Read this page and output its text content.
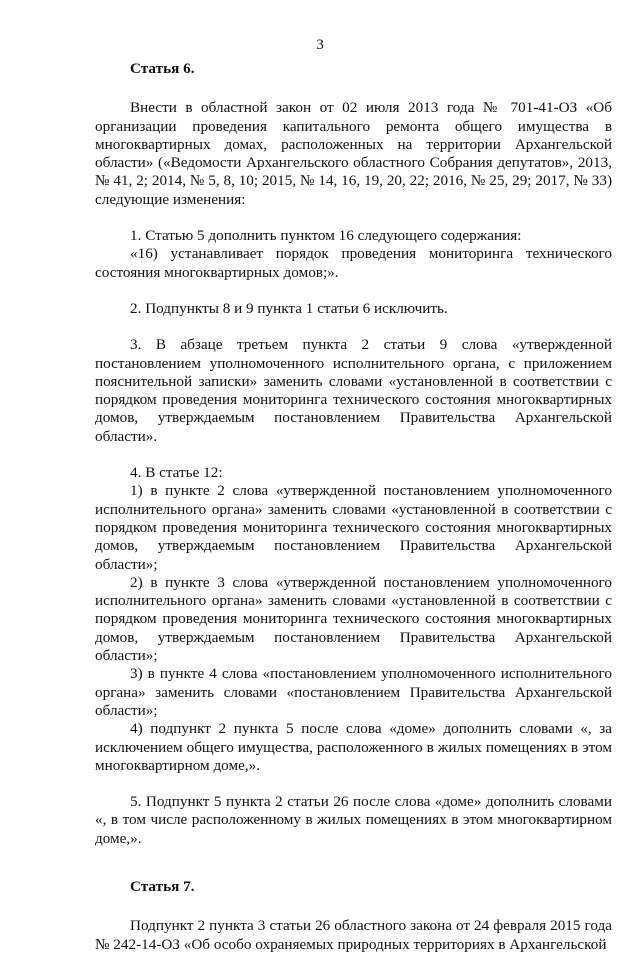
3
Статья 6.

Внести в областной закон от 02 июля 2013 года № 701-41-ОЗ «Об организации проведения капитального ремонта общего имущества в многоквартирных домах, расположенных на территории Архангельской области» («Ведомости Архангельского областного Собрания депутатов», 2013, № 41, 2; 2014, № 5, 8, 10; 2015, № 14, 16, 19, 20, 22; 2016, № 25, 29; 2017, № 33) следующие изменения:

1. Статью 5 дополнить пунктом 16 следующего содержания:

«16) устанавливает порядок проведения мониторинга технического состояния многоквартирных домов;».

2. Подпункты 8 и 9 пункта 1 статьи 6 исключить.

3. В абзаце третьем пункта 2 статьи 9 слова «утвержденной постановлением уполномоченного исполнительного органа, с приложением пояснительной записки» заменить словами «установленной в соответствии с порядком проведения мониторинга технического состояния многоквартирных домов, утверждаемым постановлением Правительства Архангельской области».

4. В статье 12:

1) в пункте 2 слова «утвержденной постановлением уполномоченного исполнительного органа» заменить словами «установленной в соответствии с порядком проведения мониторинга технического состояния многоквартирных домов, утверждаемым постановлением Правительства Архангельской области»;

2) в пункте 3 слова «утвержденной постановлением уполномоченного исполнительного органа» заменить словами «установленной в соответствии с порядком проведения мониторинга технического состояния многоквартирных домов, утверждаемым постановлением Правительства Архангельской области»;

3) в пункте 4 слова «постановлением уполномоченного исполнительного органа» заменить словами «постановлением Правительства Архангельской области»;

4) подпункт 2 пункта 5 после слова «доме» дополнить словами «, за исключением общего имущества, расположенного в жилых помещениях в этом многоквартирном доме,».

5. Подпункт 5 пункта 2 статьи 26 после слова «доме» дополнить словами «, в том числе расположенному в жилых помещениях в этом многоквартирном доме,».

Статья 7.

Подпункт 2 пункта 3 статьи 26 областного закона от 24 февраля 2015 года № 242-14-ОЗ «Об особо охраняемых природных территориях в Архангельской
